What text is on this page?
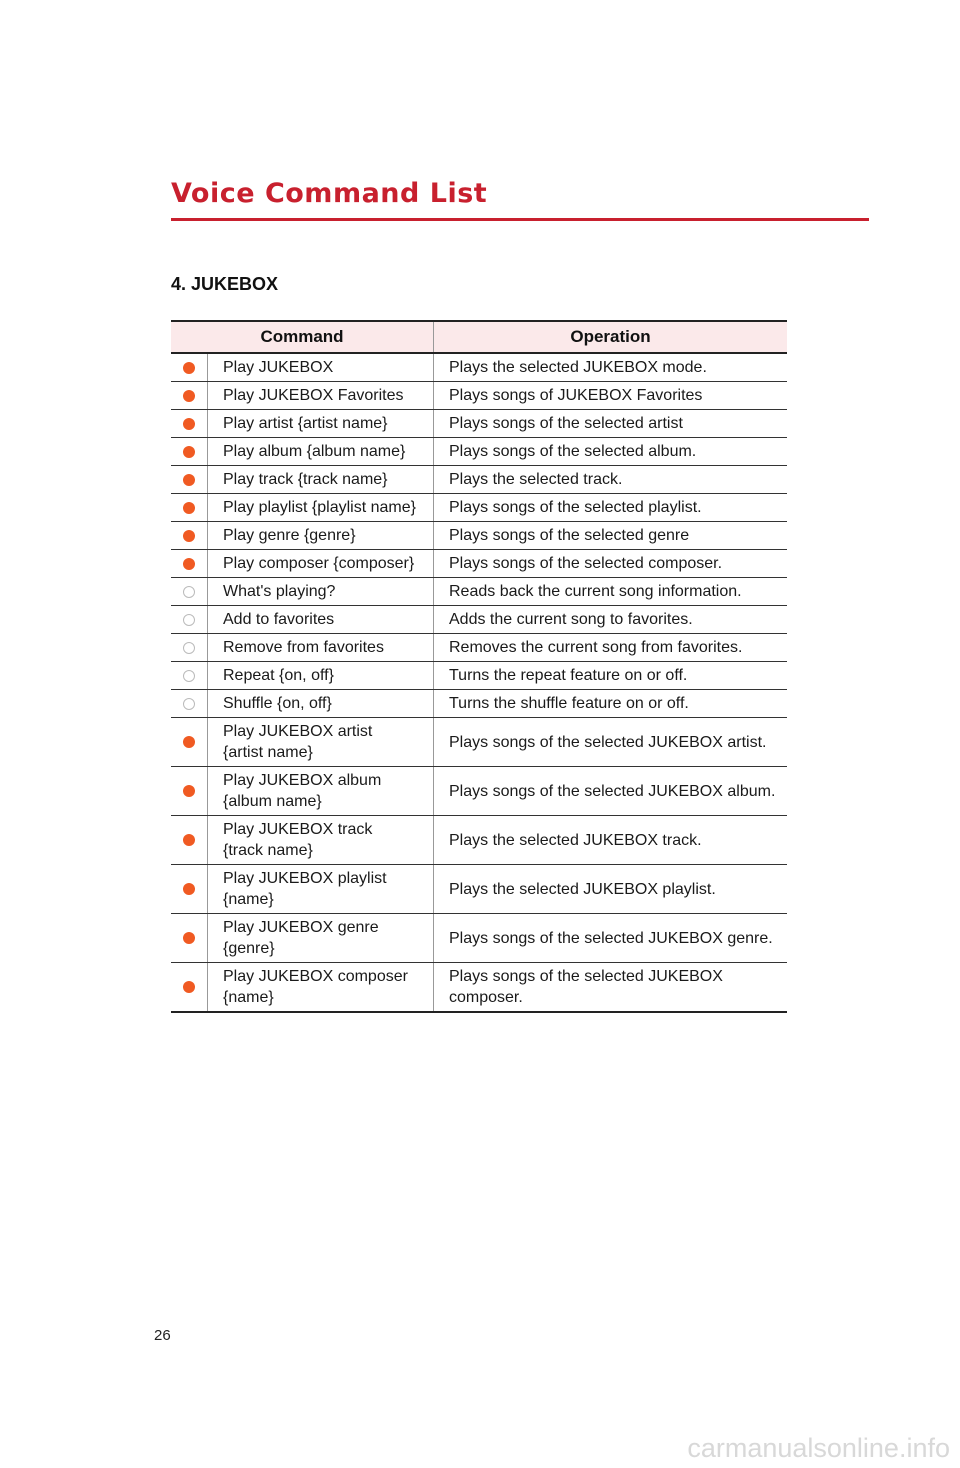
Voice Command List
4. JUKEBOX
Command		Operation
	Play JUKEBOX	Plays the selected JUKEBOX mode.
	Play JUKEBOX Favorites	Plays songs of JUKEBOX Favorites
	Play artist {artist name}	Plays songs of the selected artist
	Play album {album name}	Plays songs of the selected album.
	Play track {track name}	Plays the selected track.
	Play playlist {playlist name}	Plays songs of the selected playlist.
	Play genre {genre}	Plays songs of the selected genre
	Play composer {composer}	Plays songs of the selected composer.
	What's playing?	Reads back the current song information.
	Add to favorites	Adds the current song to favorites.
	Remove from favorites	Removes the current song from favorites.
	Repeat {on, off}	Turns the repeat feature on or off.
	Shuffle {on, off}	Turns the shuffle feature on or off.
	Play JUKEBOX artist
{artist name}	Plays songs of the selected JUKEBOX artist.
	Play JUKEBOX album
{album name}	Plays songs of the selected JUKEBOX album.
	Play JUKEBOX track
{track name}	Plays the selected JUKEBOX track.
	Play JUKEBOX playlist
{name}	Plays the selected JUKEBOX playlist.
	Play JUKEBOX genre
{genre}	Plays songs of the selected JUKEBOX genre.
	Play JUKEBOX composer
{name}	Plays songs of the selected JUKEBOX
composer.
26
carmanualsonline.info
